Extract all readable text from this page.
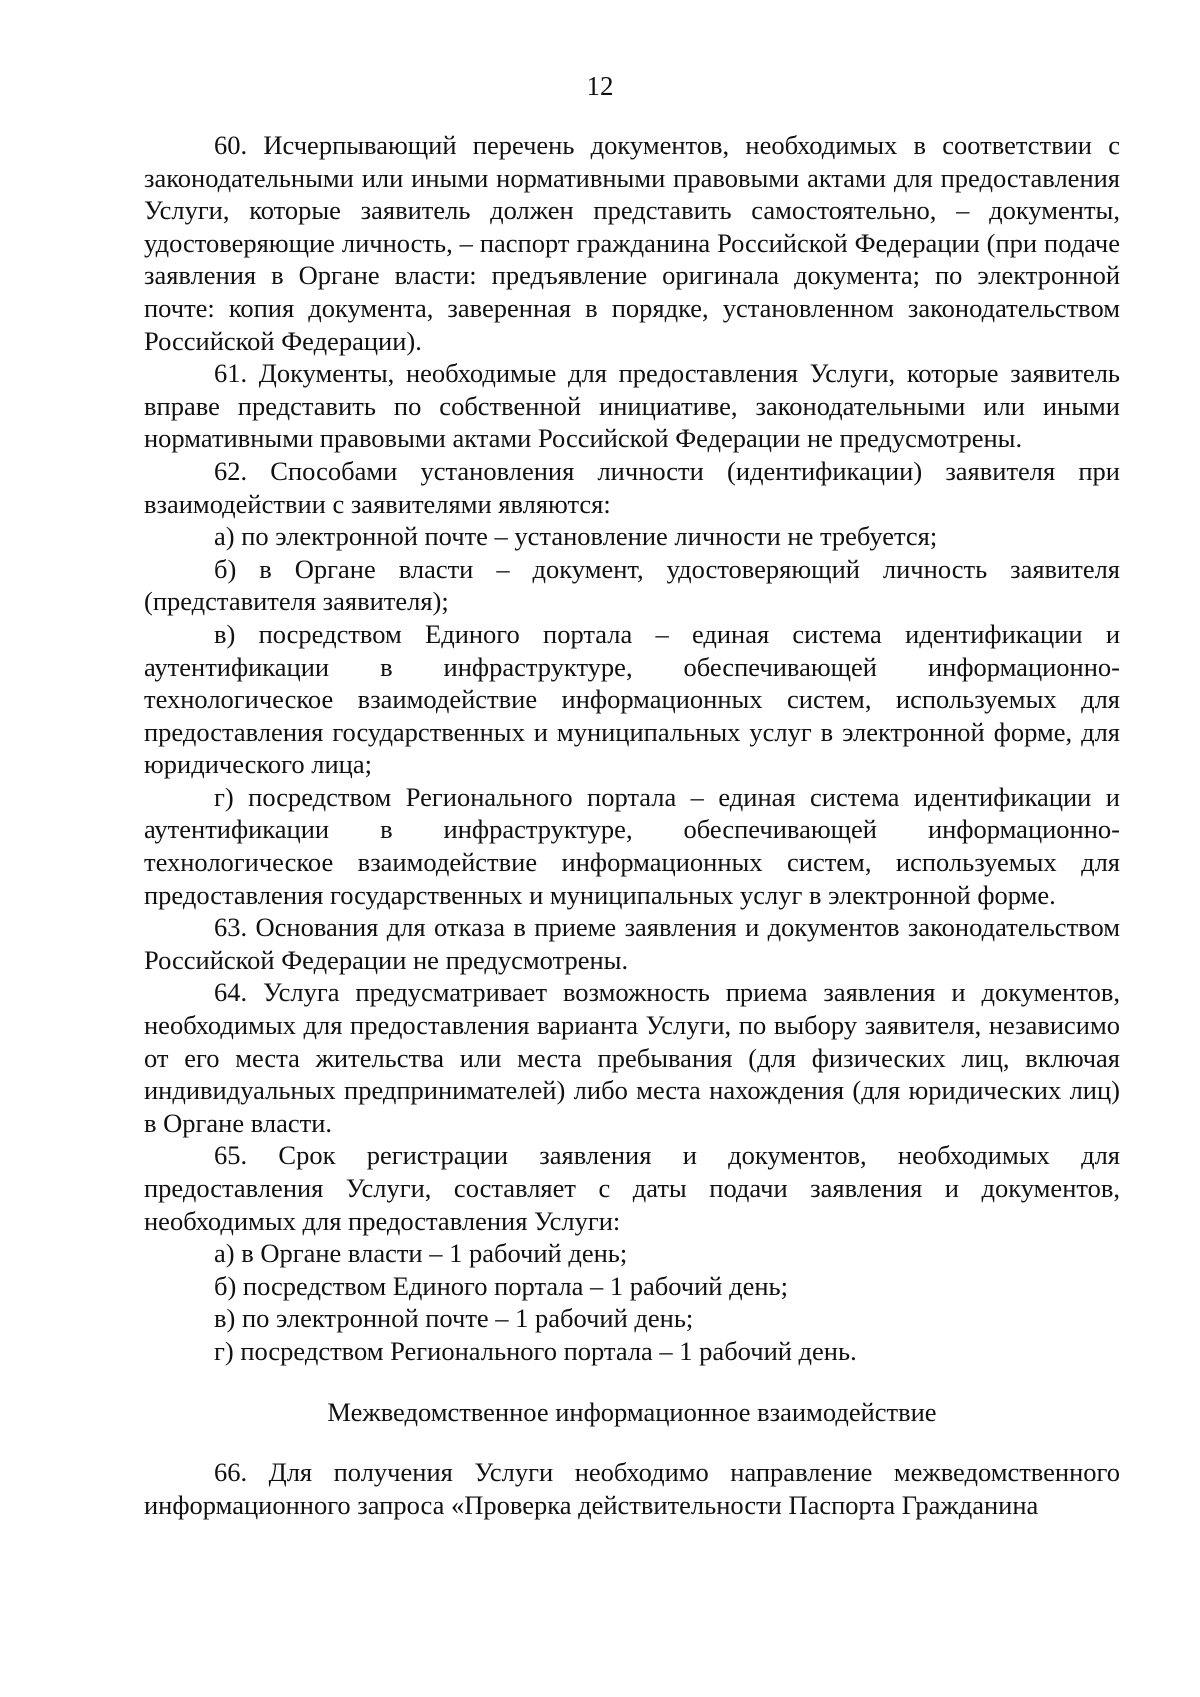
12

60. Исчерпывающий перечень документов, необходимых в соответствии с законодательными или иными нормативными правовыми актами для предоставления Услуги, которые заявитель должен представить самостоятельно, – документы, удостоверяющие личность, – паспорт гражданина Российской Федерации (при подаче заявления в Органе власти: предъявление оригинала документа; по электронной почте: копия документа, заверенная в порядке, установленном законодательством Российской Федерации).

61. Документы, необходимые для предоставления Услуги, которые заявитель вправе представить по собственной инициативе, законодательными или иными нормативными правовыми актами Российской Федерации не предусмотрены.

62. Способами установления личности (идентификации) заявителя при взаимодействии с заявителями являются:

а) по электронной почте – установление личности не требуется;

б) в Органе власти – документ, удостоверяющий личность заявителя (представителя заявителя);

в) посредством Единого портала – единая система идентификации и аутентификации в инфраструктуре, обеспечивающей информационно-технологическое взаимодействие информационных систем, используемых для предоставления государственных и муниципальных услуг в электронной форме, для юридического лица;

г) посредством Регионального портала – единая система идентификации и аутентификации в инфраструктуре, обеспечивающей информационно-технологическое взаимодействие информационных систем, используемых для предоставления государственных и муниципальных услуг в электронной форме.

63. Основания для отказа в приеме заявления и документов законодательством Российской Федерации не предусмотрены.

64. Услуга предусматривает возможность приема заявления и документов, необходимых для предоставления варианта Услуги, по выбору заявителя, независимо от его места жительства или места пребывания (для физических лиц, включая индивидуальных предпринимателей) либо места нахождения (для юридических лиц) в Органе власти.

65. Срок регистрации заявления и документов, необходимых для предоставления Услуги, составляет с даты подачи заявления и документов, необходимых для предоставления Услуги:

а) в Органе власти – 1 рабочий день;

б) посредством Единого портала – 1 рабочий день;

в) по электронной почте – 1 рабочий день;

г) посредством Регионального портала – 1 рабочий день.

Межведомственное информационное взаимодействие

66. Для получения Услуги необходимо направление межведомственного информационного запроса «Проверка действительности Паспорта Гражданина
